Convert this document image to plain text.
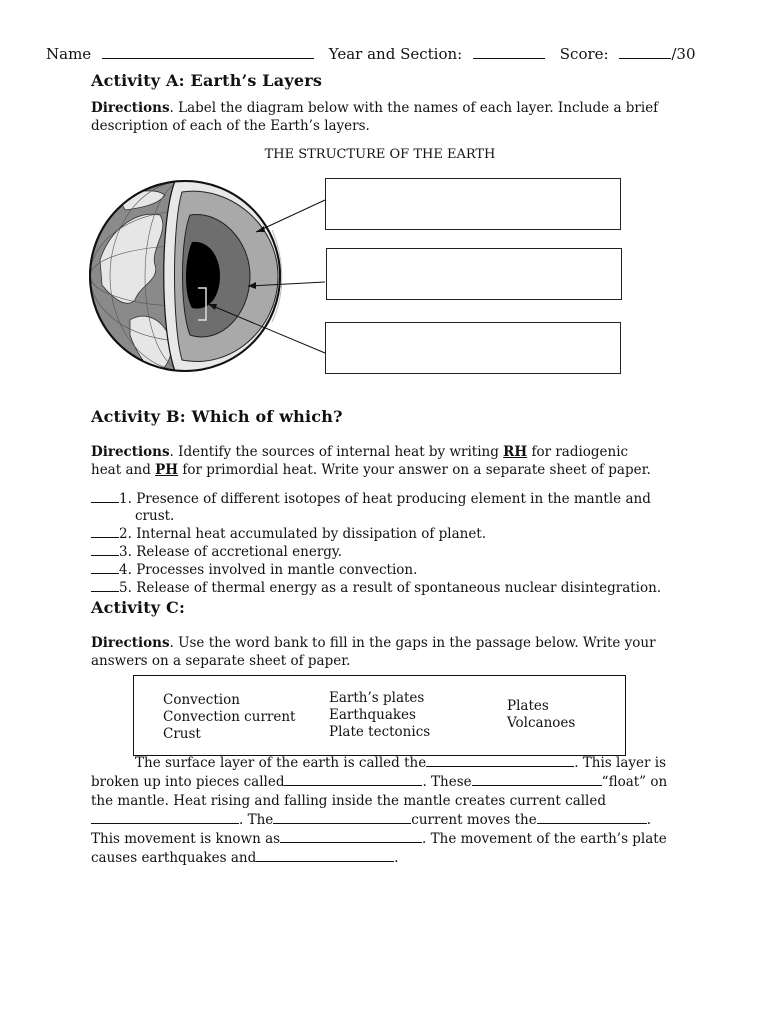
Name	Year and Section:	Score:	/30
Activity A: Earth’s Layers
Directions. Label the diagram below with the names of each layer. Include a brief description of each of the Earth’s layers.
THE STRUCTURE OF THE EARTH
Activity B: Which of which?
Directions. Identify the sources of internal heat by writing RH for radiogenic heat and PH for primordial heat. Write your answer on a separate sheet of paper.
1. Presence of different isotopes of heat producing element in the mantle and
crust.
2. Internal heat accumulated by dissipation of planet.
3. Release of accretional energy.
4. Processes involved in mantle convection.
5. Release of thermal energy as a result of spontaneous nuclear disintegration.
Activity C:
Directions. Use the word bank to fill in the gaps in the passage below. Write your answers on a separate sheet of paper.
Convection
Convection current
Crust
Earth’s plates
Earthquakes
Plate tectonics
Plates
Volcanoes
The surface layer of the earth is called the	. This layer is
broken up into pieces called	. These	“float” on
the mantle. Heat rising and falling inside the mantle creates current called
. The	current moves the	.
This movement is known as	. The movement of the earth’s plate
causes earthquakes and	.
